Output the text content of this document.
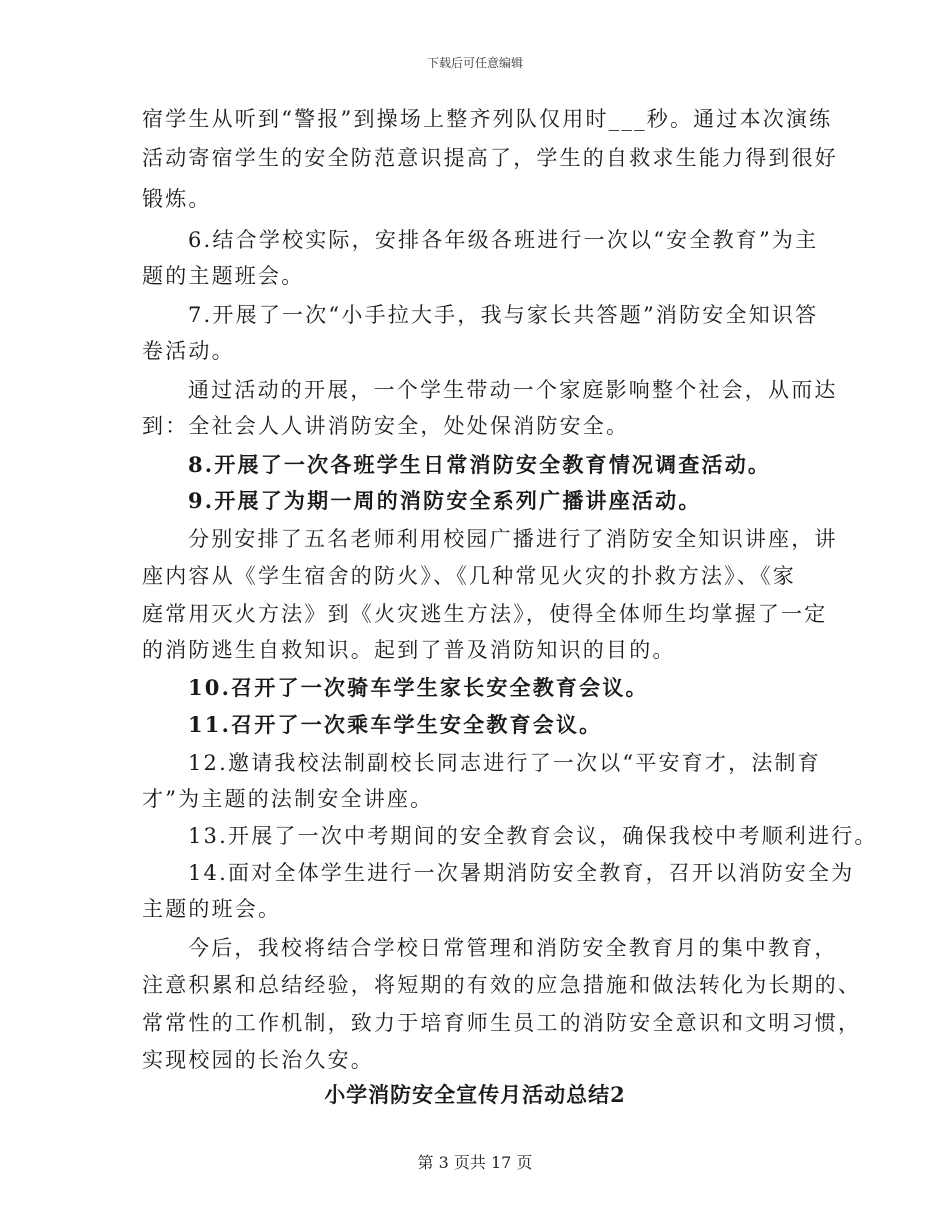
下载后可任意编辑
宿学生从听到“警报”到操场上整齐列队仅用时___秒。通过本次演练
活动寄宿学生的安全防范意识提高了，学生的自救求生能力得到很好
锻炼。
6.结合学校实际，安排各年级各班进行一次以“安全教育”为主
题的主题班会。
7.开展了一次“小手拉大手，我与家长共答题”消防安全知识答
卷活动。
通过活动的开展，一个学生带动一个家庭影响整个社会，从而达
到：全社会人人讲消防安全，处处保消防安全。
8.开展了一次各班学生日常消防安全教育情况调查活动。
9.开展了为期一周的消防安全系列广播讲座活动。
分别安排了五名老师利用校园广播进行了消防安全知识讲座，讲
座内容从《学生宿舍的防火》、《几种常见火灾的扑救方法》、《家
庭常用灭火方法》到《火灾逃生方法》，使得全体师生均掌握了一定
的消防逃生自救知识。起到了普及消防知识的目的。
10.召开了一次骑车学生家长安全教育会议。
11.召开了一次乘车学生安全教育会议。
12.邀请我校法制副校长同志进行了一次以“平安育才，法制育
才”为主题的法制安全讲座。
13.开展了一次中考期间的安全教育会议，确保我校中考顺利进行。
14.面对全体学生进行一次暑期消防安全教育，召开以消防安全为
主题的班会。
今后，我校将结合学校日常管理和消防安全教育月的集中教育，
注意积累和总结经验，将短期的有效的应急措施和做法转化为长期的、
常常性的工作机制，致力于培育师生员工的消防安全意识和文明习惯，
实现校园的长治久安。
小学消防安全宣传月活动总结2
第 3 页共 17 页
